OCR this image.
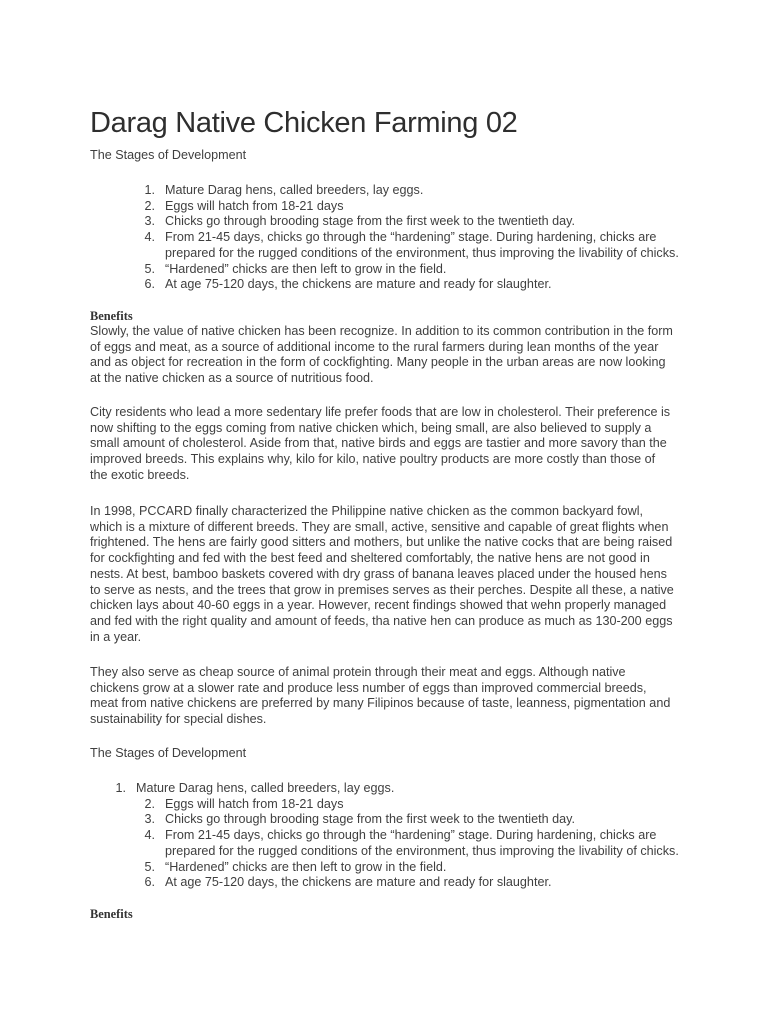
Darag Native Chicken Farming 02

The Stages of Development

1. Mature Darag hens, called breeders, lay eggs.
2. Eggs will hatch from 18-21 days
3. Chicks go through brooding stage from the first week to the twentieth day.
4. From 21-45 days, chicks go through the “hardening” stage. During hardening, chicks are prepared for the rugged conditions of the environment, thus improving the livability of chicks.
5. “Hardened” chicks are then left to grow in the field.
6. At age 75-120 days, the chickens are mature and ready for slaughter.

Benefits

Slowly, the value of native chicken has been recognize. In addition to its common contribution in the form of eggs and meat, as a source of additional income to the rural farmers during lean months of the year and as object for recreation in the form of cockfighting. Many people in the urban areas are now looking at the native chicken as a source of nutritious food.

City residents who lead a more sedentary life prefer foods that are low in cholesterol. Their preference is now shifting to the eggs coming from native chicken which, being small, are also believed to supply a small amount of cholesterol. Aside from that, native birds and eggs are tastier and more savory than the improved breeds. This explains why, kilo for kilo, native poultry products are more costly than those of the exotic breeds.

In 1998, PCCARD finally characterized the Philippine native chicken as the common backyard fowl, which is a mixture of different breeds. They are small, active, sensitive and capable of great flights when frightened. The hens are fairly good sitters and mothers, but unlike the native cocks that are being raised for cockfighting and fed with the best feed and sheltered comfortably, the native hens are not good in nests. At best, bamboo baskets covered with dry grass of banana leaves placed under the housed hens to serve as nests, and the trees that grow in premises serves as their perches. Despite all these, a native chicken lays about 40-60 eggs in a year. However, recent findings showed that wehn properly managed and fed with the right quality and amount of feeds, tha native hen can produce as much as 130-200 eggs in a year.

They also serve as cheap source of animal protein through their meat and eggs. Although native chickens grow at a slower rate and produce less number of eggs than improved commercial breeds, meat from native chickens are preferred by many Filipinos because of taste, leanness, pigmentation and sustainability for special dishes.

The Stages of Development

1. Mature Darag hens, called breeders, lay eggs.
2. Eggs will hatch from 18-21 days
3. Chicks go through brooding stage from the first week to the twentieth day.
4. From 21-45 days, chicks go through the “hardening” stage. During hardening, chicks are prepared for the rugged conditions of the environment, thus improving the livability of chicks.
5. “Hardened” chicks are then left to grow in the field.
6. At age 75-120 days, the chickens are mature and ready for slaughter.

Benefits
